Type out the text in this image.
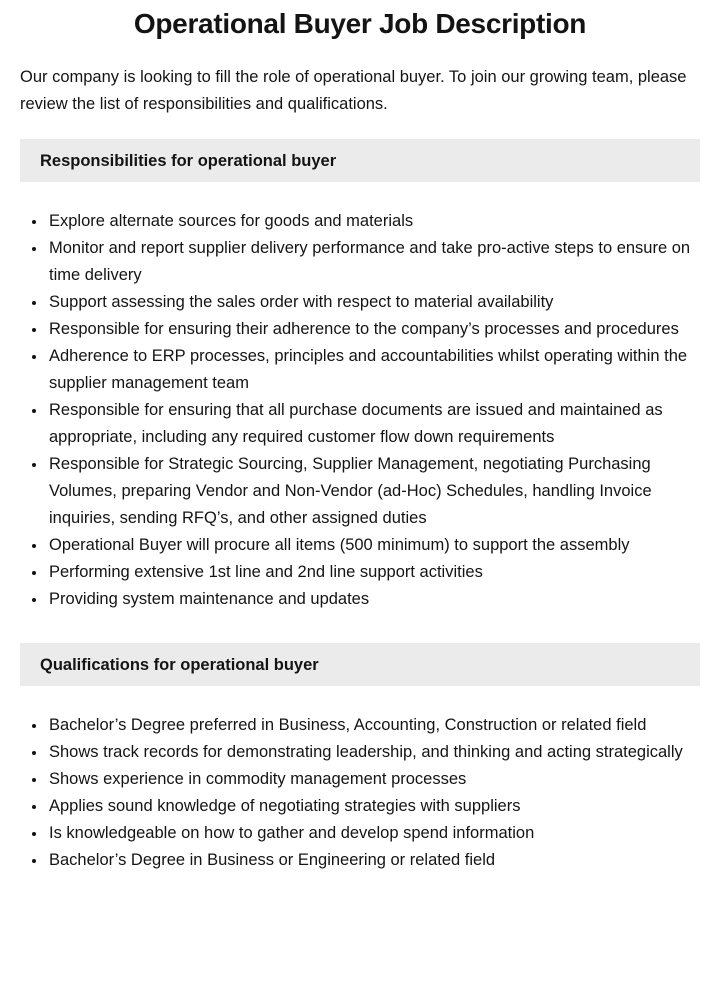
Operational Buyer Job Description

Our company is looking to fill the role of operational buyer. To join our growing team, please review the list of responsibilities and qualifications.

Responsibilities for operational buyer
• Explore alternate sources for goods and materials
• Monitor and report supplier delivery performance and take pro-active steps to ensure on time delivery
• Support assessing the sales order with respect to material availability
• Responsible for ensuring their adherence to the company’s processes and procedures
• Adherence to ERP processes, principles and accountabilities whilst operating within the supplier management team
• Responsible for ensuring that all purchase documents are issued and maintained as appropriate, including any required customer flow down requirements
• Responsible for Strategic Sourcing, Supplier Management, negotiating Purchasing Volumes, preparing Vendor and Non-Vendor (ad-Hoc) Schedules, handling Invoice inquiries, sending RFQ’s, and other assigned duties
• Operational Buyer will procure all items (500 minimum) to support the assembly
• Performing extensive 1st line and 2nd line support activities
• Providing system maintenance and updates
Qualifications for operational buyer
• Bachelor’s Degree preferred in Business, Accounting, Construction or related field
• Shows track records for demonstrating leadership, and thinking and acting strategically
• Shows experience in commodity management processes
• Applies sound knowledge of negotiating strategies with suppliers
• Is knowledgeable on how to gather and develop spend information
• Bachelor’s Degree in Business or Engineering or related field
